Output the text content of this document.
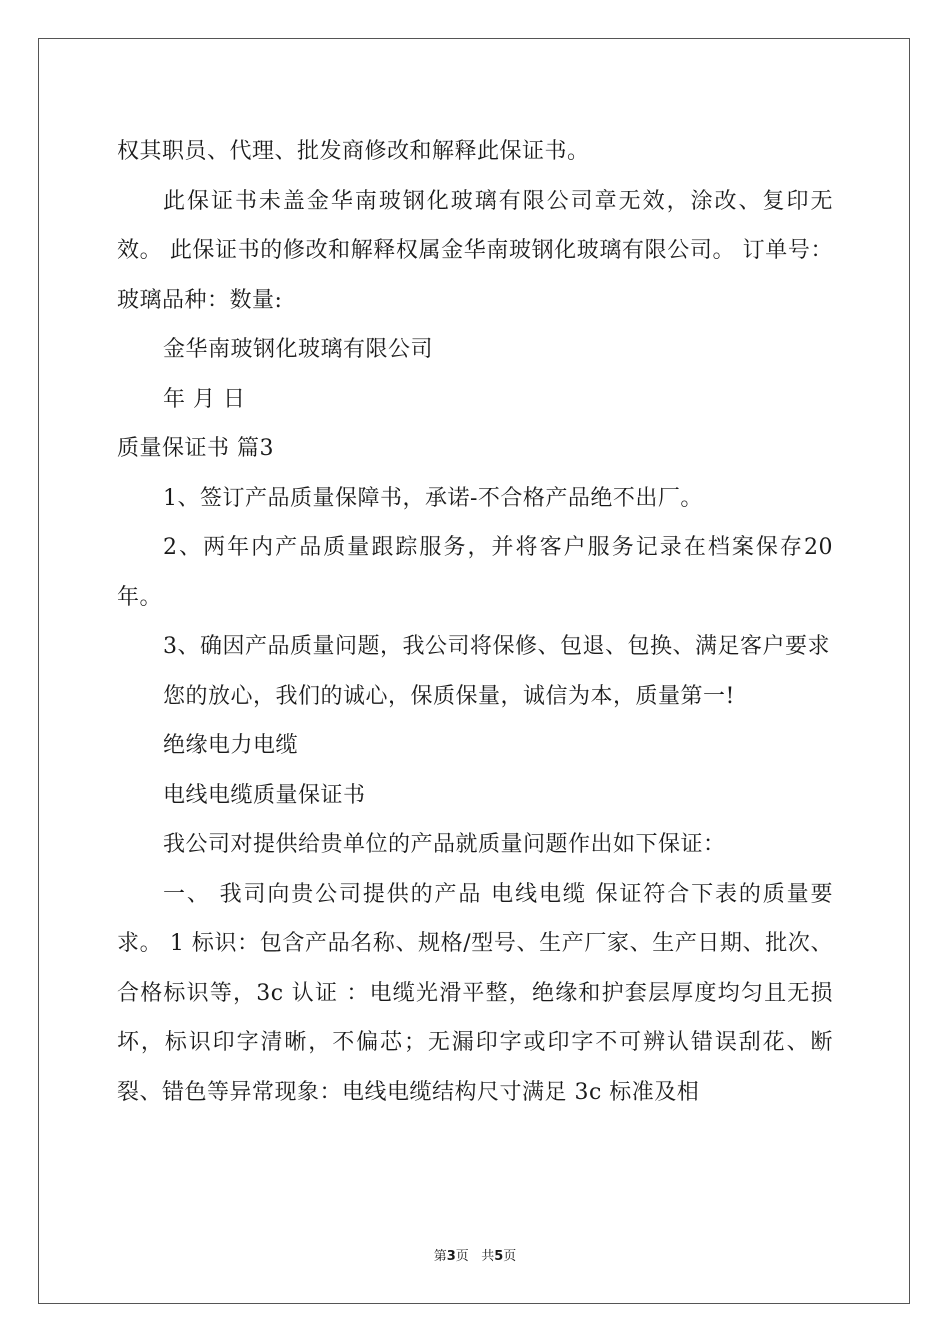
权其职员、代理、批发商修改和解释此保证书。

此保证书未盖金华南玻钢化玻璃有限公司章无效，涂改、复印无效。 此保证书的修改和解释权属金华南玻钢化玻璃有限公司。 订单号： 玻璃品种：数量:

金华南玻钢化玻璃有限公司

年 月 日

质量保证书 篇3

1、签订产品质量保障书，承诺-不合格产品绝不出厂。

2、两年内产品质量跟踪服务，并将客户服务记录在档案保存20年。

3、确因产品质量问题，我公司将保修、包退、包换、满足客户要求

您的放心，我们的诚心，保质保量，诚信为本，质量第一!

绝缘电力电缆

电线电缆质量保证书

我公司对提供给贵单位的产品就质量问题作出如下保证：

一、 我司向贵公司提供的产品 电线电缆 保证符合下表的质量要求。 1 标识：包含产品名称、规格/型号、生产厂家、生产日期、批次、合格标识等，3c 认证 ：电缆光滑平整，绝缘和护套层厚度均匀且无损坏，标识印字清晰，不偏芯；无漏印字或印字不可辨认错误刮花、断裂、错色等异常现象：电线电缆结构尺寸满足 3c 标准及相

第3页 共5页
